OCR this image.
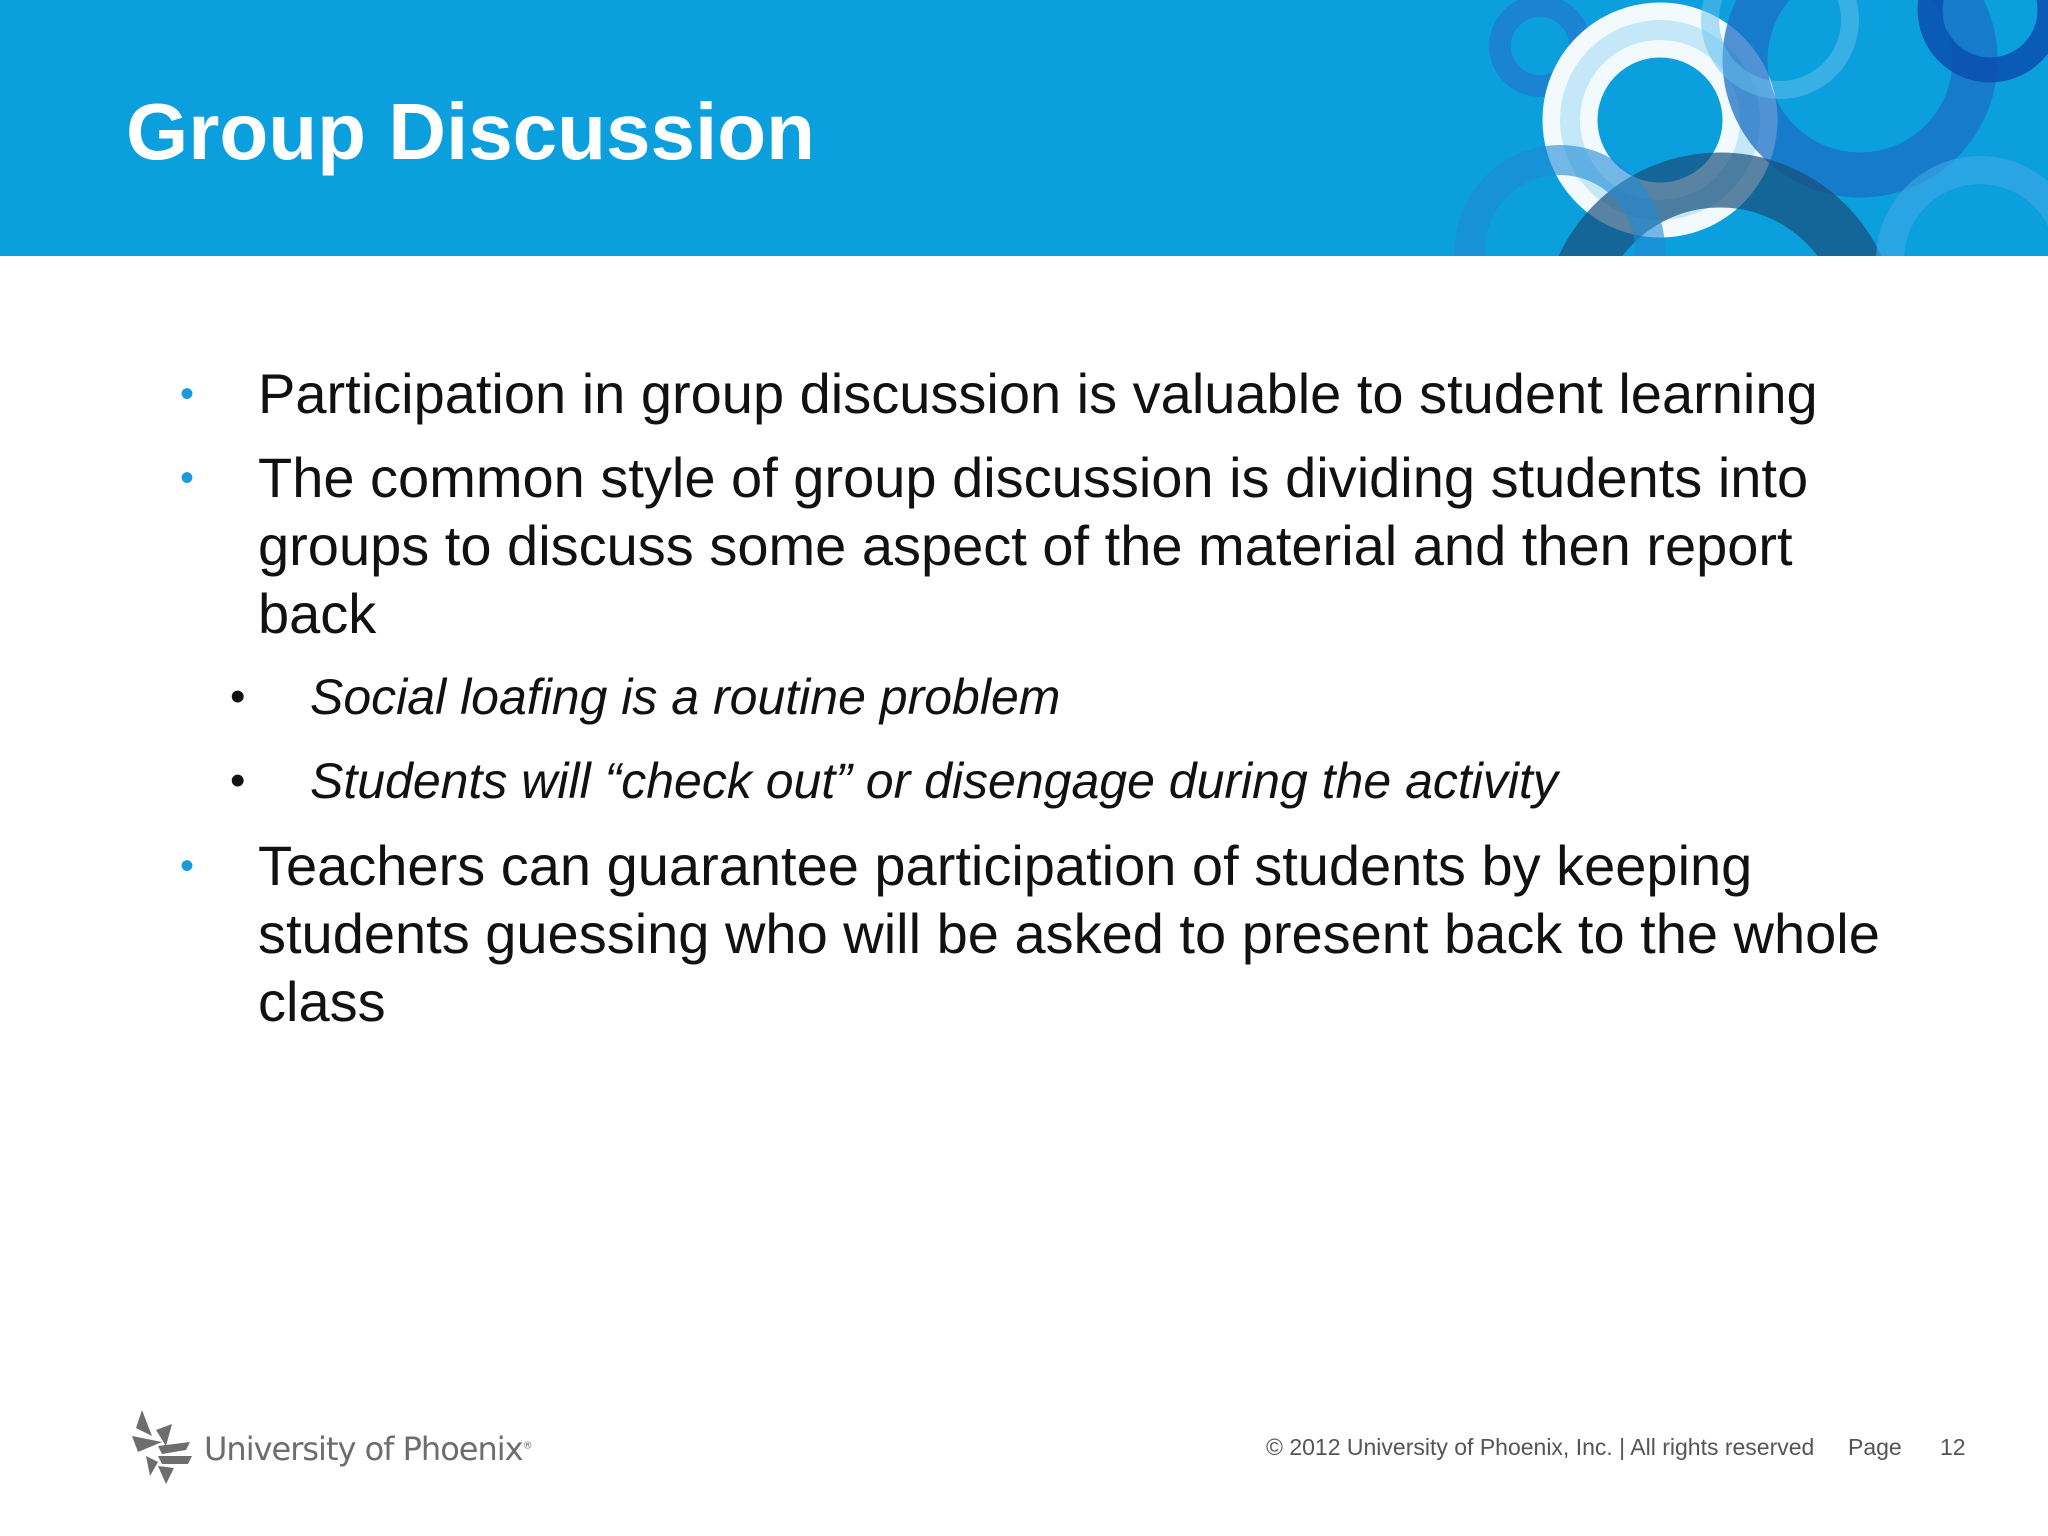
Group Discussion
• Participation in group discussion is valuable to student learning
• The common style of group discussion is dividing students into
groups to discuss some aspect of the material and then report
back
• Social loafing is a routine problem
• Students will “check out” or disengage during the activity
• Teachers can guarantee participation of students by keeping
students guessing who will be asked to present back to the whole
class
University of Phoenix®	© 2012 University of Phoenix, Inc. | All rights reserved Page 12
